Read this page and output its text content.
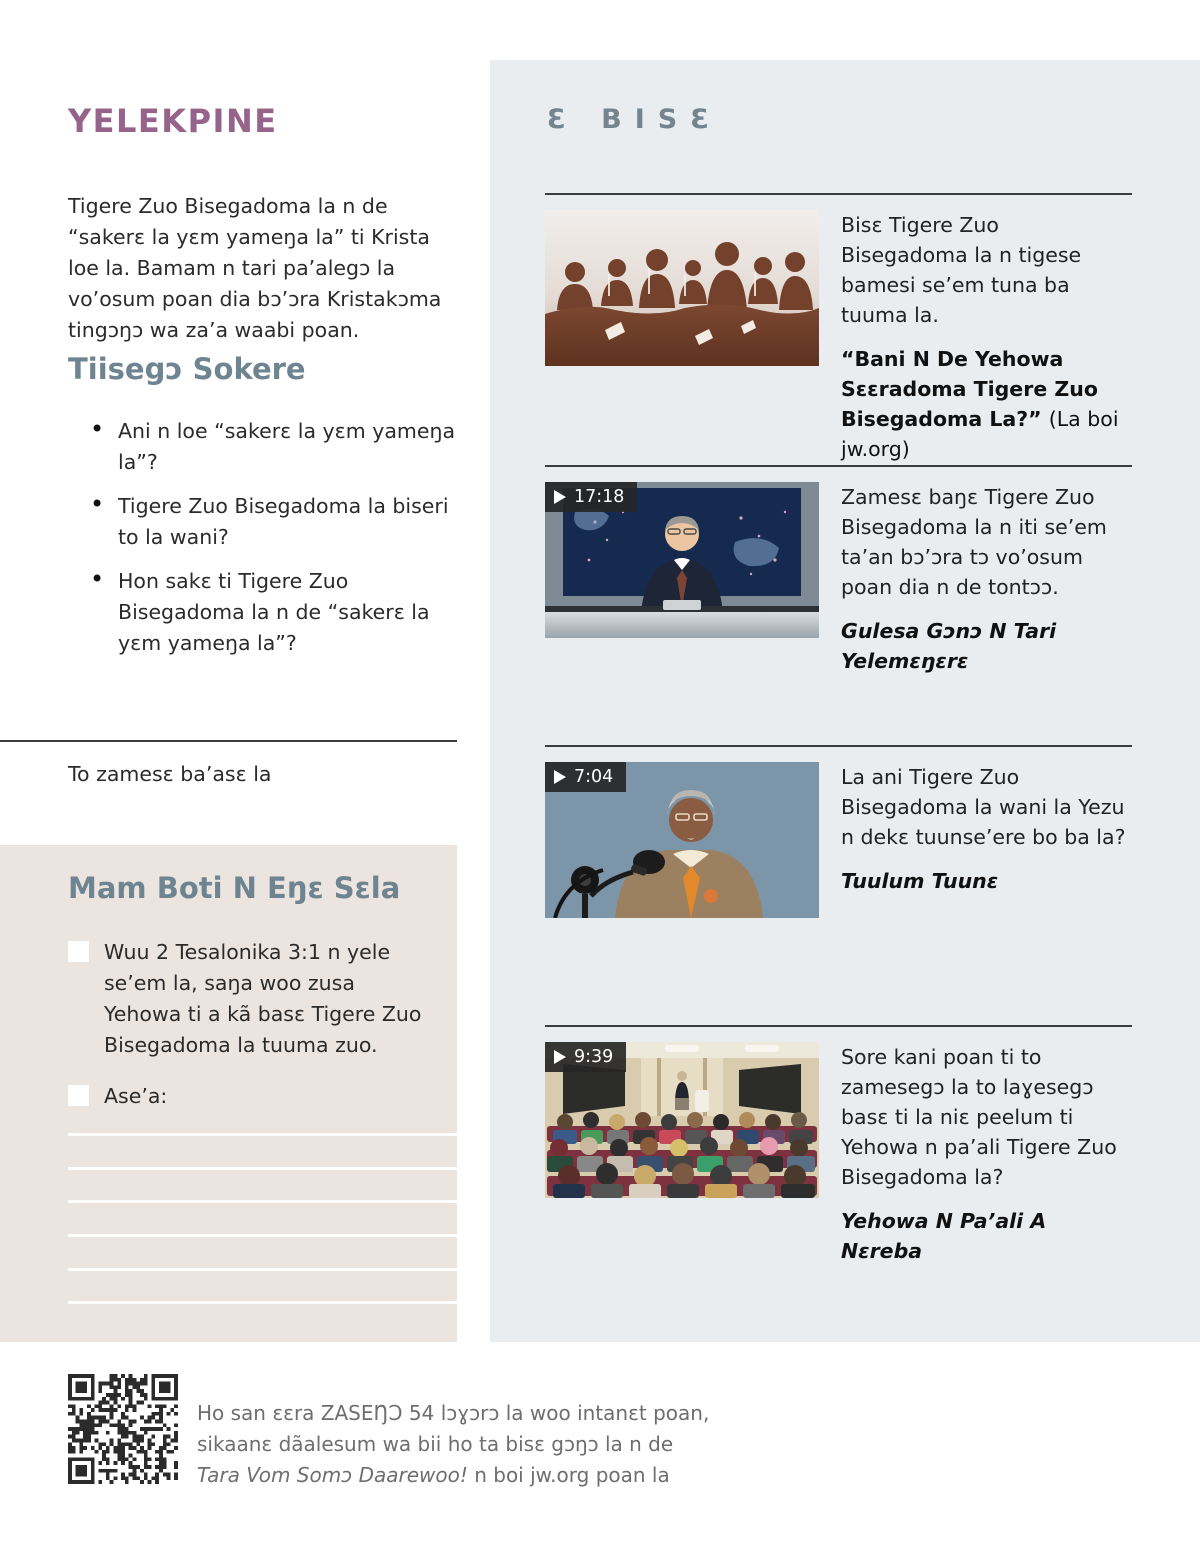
YELEKPINE

Tigere Zuo Bisegadoma la n de “sakerɛ la yɛm yameŋa la” ti Krista loe la. Bamam n tari pa’alegɔ la vo’osum poan dia bɔ’ɔra Kristakɔma tingɔŋɔ wa za’a waabi poan.

Tiisegɔ Sokere
• Ani n loe “sakerɛ la yɛm yameŋa la”?
• Tigere Zuo Bisegadoma la biseri to la wani?
• Hon sakɛ ti Tigere Zuo Bisegadoma la n de “sakerɛ la yɛm yameŋa la”?
To zamesɛ ba’asɛ la
Mam Boti N Eŋɛ Sɛla
Wuu 2 Tesalonika 3:1 n yele se’em la, saŋa woo zusa Yehowa ti a kã basɛ Tigere Zuo Bisegadoma la tuuma zuo.
Ase’a:
Ho san ɛɛra ZASEŊƆ 54 lɔɣɔrɔ la woo intanɛt poan,
sikaanɛ dãalesum wa bii ho ta bisɛ gɔŋɔ la n de
Tara Vom Somɔ Daarewoo! n boi jw.org poan la
Ɛ BISƐ

Bisɛ Tigere Zuo Bisegadoma la n tigese bamesi se’em tuna ba tuuma la.

“Bani N De Yehowa Sɛɛradoma Tigere Zuo Bisegadoma La?” (La boi jw.org)
17:18	Zamesɛ baŋɛ Tigere Zuo Bisegadoma la n iti se’em ta’an bɔ’ɔra tɔ vo’osum poan dia n de tontɔɔ.

Gulesa Gɔnɔ N Tari Yelemɛŋɛrɛ
7:04	La ani Tigere Zuo Bisegadoma la wani la Yezu n dekɛ tuunse’ere bo ba la?

Tuulum Tuunɛ
9:39	Sore kani poan ti to zamesegɔ la to laɣesegɔ basɛ ti la niɛ peelum ti Yehowa n pa’ali Tigere Zuo Bisegadoma la?

Yehowa N Pa’ali A Nɛreba
